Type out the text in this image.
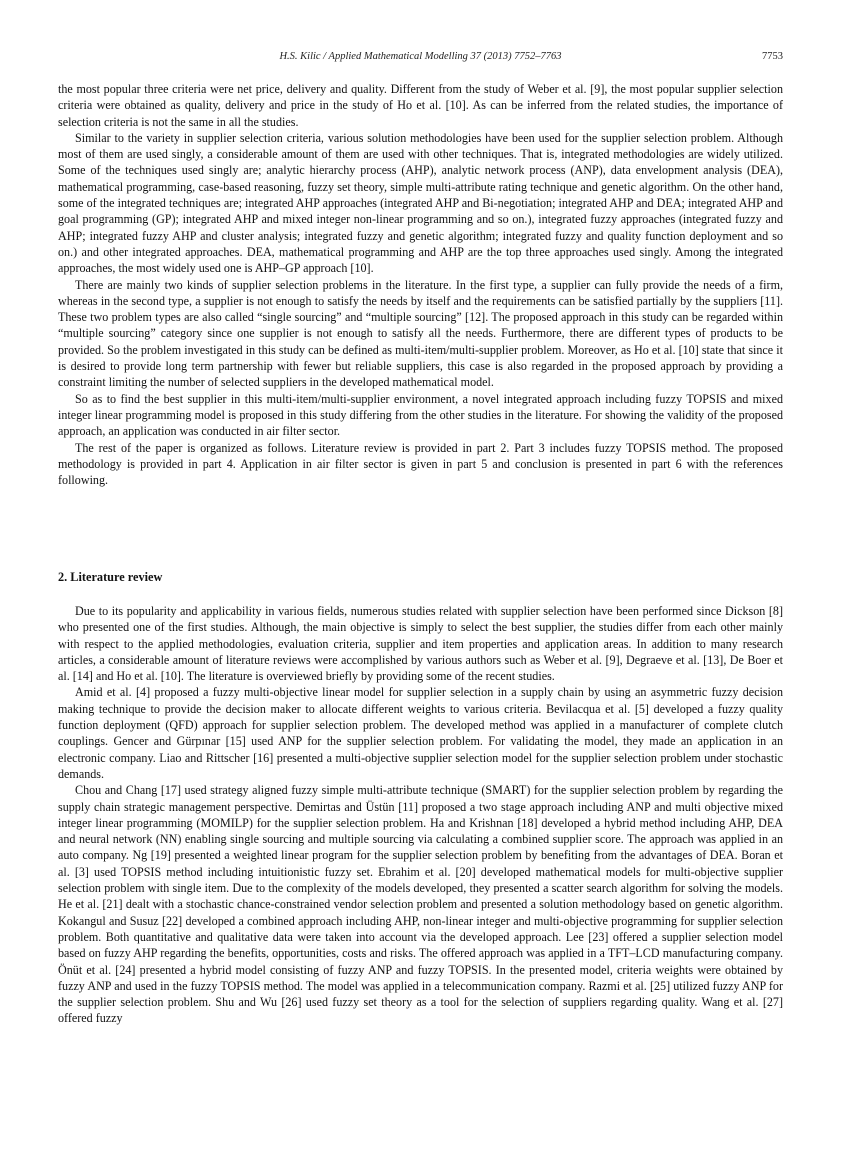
H.S. Kilic / Applied Mathematical Modelling 37 (2013) 7752–7763	7753

the most popular three criteria were net price, delivery and quality. Different from the study of Weber et al. [9], the most popular supplier selection criteria were obtained as quality, delivery and price in the study of Ho et al. [10]. As can be inferred from the related studies, the importance of selection criteria is not the same in all the studies.

Similar to the variety in supplier selection criteria, various solution methodologies have been used for the supplier selection problem. Although most of them are used singly, a considerable amount of them are used with other techniques. That is, integrated methodologies are widely utilized. Some of the techniques used singly are; analytic hierarchy process (AHP), analytic network process (ANP), data envelopment analysis (DEA), mathematical programming, case-based reasoning, fuzzy set theory, simple multi-attribute rating technique and genetic algorithm. On the other hand, some of the integrated techniques are; integrated AHP approaches (integrated AHP and Bi-negotiation; integrated AHP and DEA; integrated AHP and goal programming (GP); integrated AHP and mixed integer non-linear programming and so on.), integrated fuzzy approaches (integrated fuzzy and AHP; integrated fuzzy AHP and cluster analysis; integrated fuzzy and genetic algorithm; integrated fuzzy and quality function deployment and so on.) and other integrated approaches. DEA, mathematical programming and AHP are the top three approaches used singly. Among the integrated approaches, the most widely used one is AHP–GP approach [10].

There are mainly two kinds of supplier selection problems in the literature. In the first type, a supplier can fully provide the needs of a firm, whereas in the second type, a supplier is not enough to satisfy the needs by itself and the requirements can be satisfied partially by the suppliers [11]. These two problem types are also called “single sourcing” and “multiple sourcing” [12]. The proposed approach in this study can be regarded within “multiple sourcing” category since one supplier is not enough to satisfy all the needs. Furthermore, there are different types of products to be provided. So the problem investigated in this study can be defined as multi-item/multi-supplier problem. Moreover, as Ho et al. [10] state that since it is desired to provide long term partnership with fewer but reliable suppliers, this case is also regarded in the proposed approach by providing a constraint limiting the number of selected suppliers in the developed mathematical model.

So as to find the best supplier in this multi-item/multi-supplier environment, a novel integrated approach including fuzzy TOPSIS and mixed integer linear programming model is proposed in this study differing from the other studies in the literature. For showing the validity of the proposed approach, an application was conducted in air filter sector.

The rest of the paper is organized as follows. Literature review is provided in part 2. Part 3 includes fuzzy TOPSIS method. The proposed methodology is provided in part 4. Application in air filter sector is given in part 5 and conclusion is presented in part 6 with the references following.

2. Literature review

Due to its popularity and applicability in various fields, numerous studies related with supplier selection have been performed since Dickson [8] who presented one of the first studies. Although, the main objective is simply to select the best supplier, the studies differ from each other mainly with respect to the applied methodologies, evaluation criteria, supplier and item properties and application areas. In addition to many research articles, a considerable amount of literature reviews were accomplished by various authors such as Weber et al. [9], Degraeve et al. [13], De Boer et al. [14] and Ho et al. [10]. The literature is overviewed briefly by providing some of the recent studies.

Amid et al. [4] proposed a fuzzy multi-objective linear model for supplier selection in a supply chain by using an asymmetric fuzzy decision making technique to provide the decision maker to allocate different weights to various criteria. Bevilacqua et al. [5] developed a fuzzy quality function deployment (QFD) approach for supplier selection problem. The developed method was applied in a manufacturer of complete clutch couplings. Gencer and Gürpınar [15] used ANP for the supplier selection problem. For validating the model, they made an application in an electronic company. Liao and Rittscher [16] presented a multi-objective supplier selection model for the supplier selection problem under stochastic demands.

Chou and Chang [17] used strategy aligned fuzzy simple multi-attribute technique (SMART) for the supplier selection problem by regarding the supply chain strategic management perspective. Demirtas and Üstün [11] proposed a two stage approach including ANP and multi objective mixed integer linear programming (MOMILP) for the supplier selection problem. Ha and Krishnan [18] developed a hybrid method including AHP, DEA and neural network (NN) enabling single sourcing and multiple sourcing via calculating a combined supplier score. The approach was applied in an auto company. Ng [19] presented a weighted linear program for the supplier selection problem by benefiting from the advantages of DEA. Boran et al. [3] used TOPSIS method including intuitionistic fuzzy set. Ebrahim et al. [20] developed mathematical models for multi-objective supplier selection problem with single item. Due to the complexity of the models developed, they presented a scatter search algorithm for solving the models. He et al. [21] dealt with a stochastic chance-constrained vendor selection problem and presented a solution methodology based on genetic algorithm. Kokangul and Susuz [22] developed a combined approach including AHP, non-linear integer and multi-objective programming for supplier selection problem. Both quantitative and qualitative data were taken into account via the developed approach. Lee [23] offered a supplier selection model based on fuzzy AHP regarding the benefits, opportunities, costs and risks. The offered approach was applied in a TFT–LCD manufacturing company. Önüt et al. [24] presented a hybrid model consisting of fuzzy ANP and fuzzy TOPSIS. In the presented model, criteria weights were obtained by fuzzy ANP and used in the fuzzy TOPSIS method. The model was applied in a telecommunication company. Razmi et al. [25] utilized fuzzy ANP for the supplier selection problem. Shu and Wu [26] used fuzzy set theory as a tool for the selection of suppliers regarding quality. Wang et al. [27] offered fuzzy
